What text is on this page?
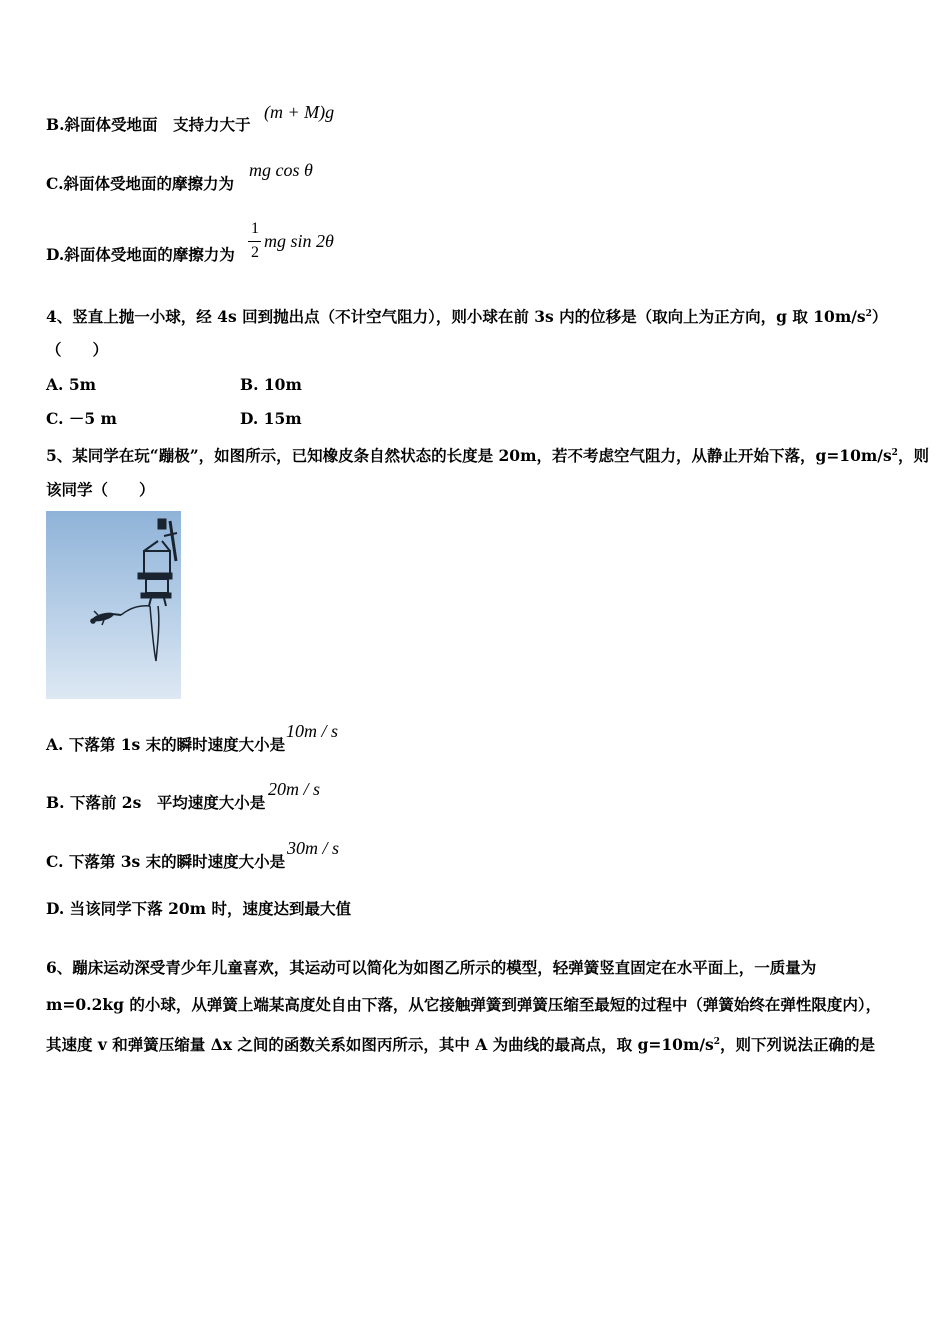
B.斜面体受地面　支持力大于
(m + M)g
C.斜面体受地面的摩擦力为
mg cos θ
D.斜面体受地面的摩擦力为
1
2
mg sin 2θ
4、竖直上抛一小球，经 4s 回到抛出点（不计空气阻力），则小球在前 3s 内的位移是（取向上为正方向，g 取 $10m/s^2$）
（　　）
A. 5m	B. 10m
C. －5 m	D. 15m
5、某同学在玩“蹦极”，如图所示，已知橡皮条自然状态的长度是 20m，若不考虑空气阻力，从静止开始下落，$g=10m/s^2$，则
该同学（　　）
A. 下落第 1s 末的瞬时速度大小是
10m / s
B. 下落前 2s　平均速度大小是
20m / s
C. 下落第 3s 末的瞬时速度大小是
30m / s
D. 当该同学下落 20m 时，速度达到最大值
6、蹦床运动深受青少年儿童喜欢，其运动可以简化为如图乙所示的模型，轻弹簧竖直固定在水平面上，一质量为
m=0.2kg 的小球，从弹簧上端某高度处自由下落，从它接触弹簧到弹簧压缩至最短的过程中（弹簧始终在弹性限度内），
其速度 v 和弹簧压缩量 Δx 之间的函数关系如图丙所示，其中 A 为曲线的最高点，取 $g=10m/s^2$，则下列说法正确的是
